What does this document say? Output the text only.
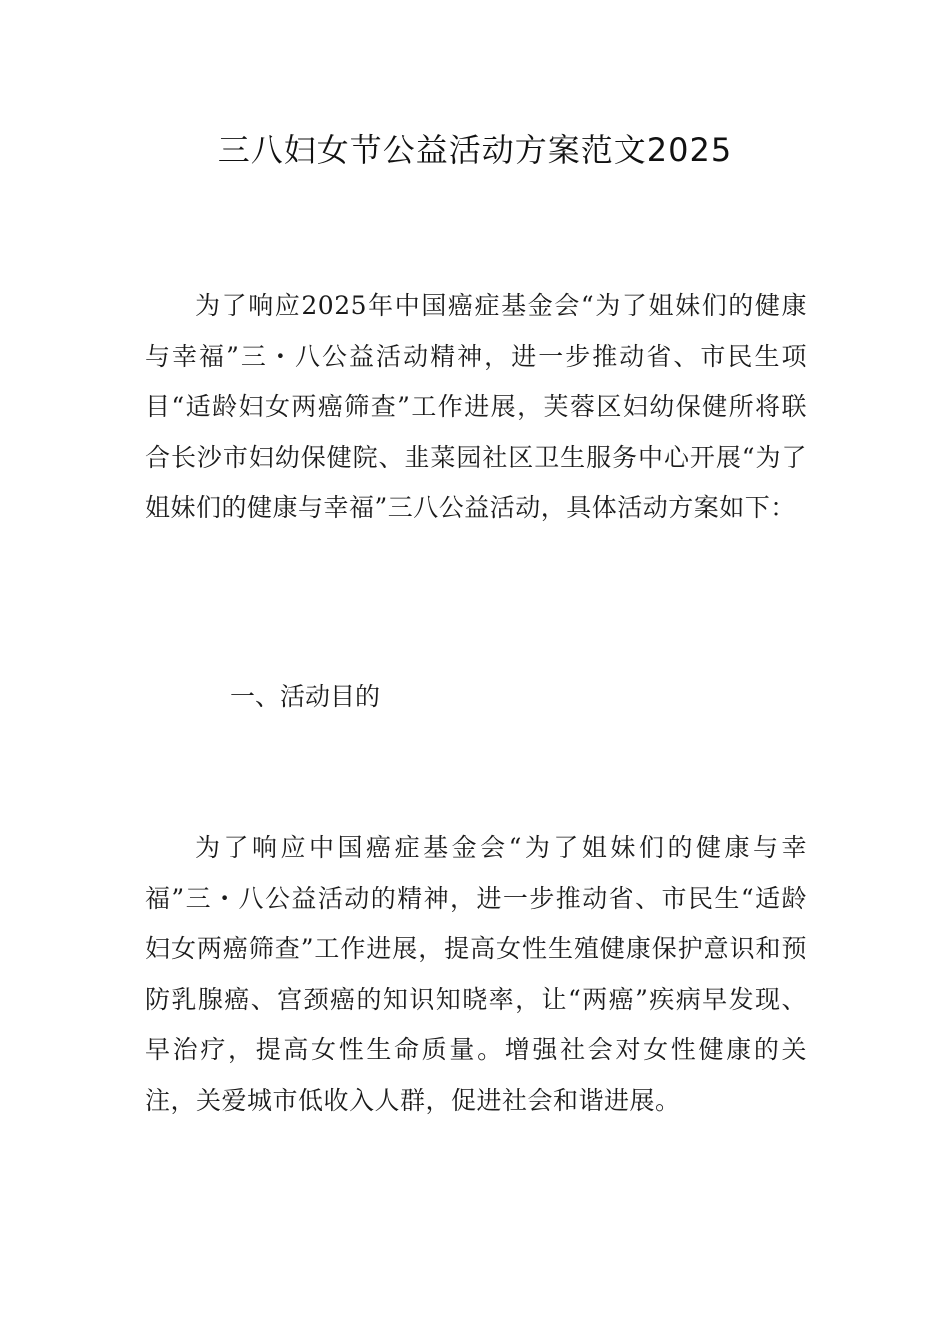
三八妇女节公益活动方案范文2025

为了响应2025年中国癌症基金会“为了姐妹们的健康与幸福”三・八公益活动精神，进一步推动省、市民生项目“适龄妇女两癌筛查”工作进展，芙蓉区妇幼保健所将联合长沙市妇幼保健院、韭菜园社区卫生服务中心开展“为了姐妹们的健康与幸福”三八公益活动，具体活动方案如下：

一、活动目的

为了响应中国癌症基金会“为了姐妹们的健康与幸福”三・八公益活动的精神，进一步推动省、市民生“适龄妇女两癌筛查”工作进展，提高女性生殖健康保护意识和预防乳腺癌、宫颈癌的知识知晓率，让“两癌”疾病早发现、早治疗，提高女性生命质量。增强社会对女性健康的关注，关爱城市低收入人群，促进社会和谐进展。
